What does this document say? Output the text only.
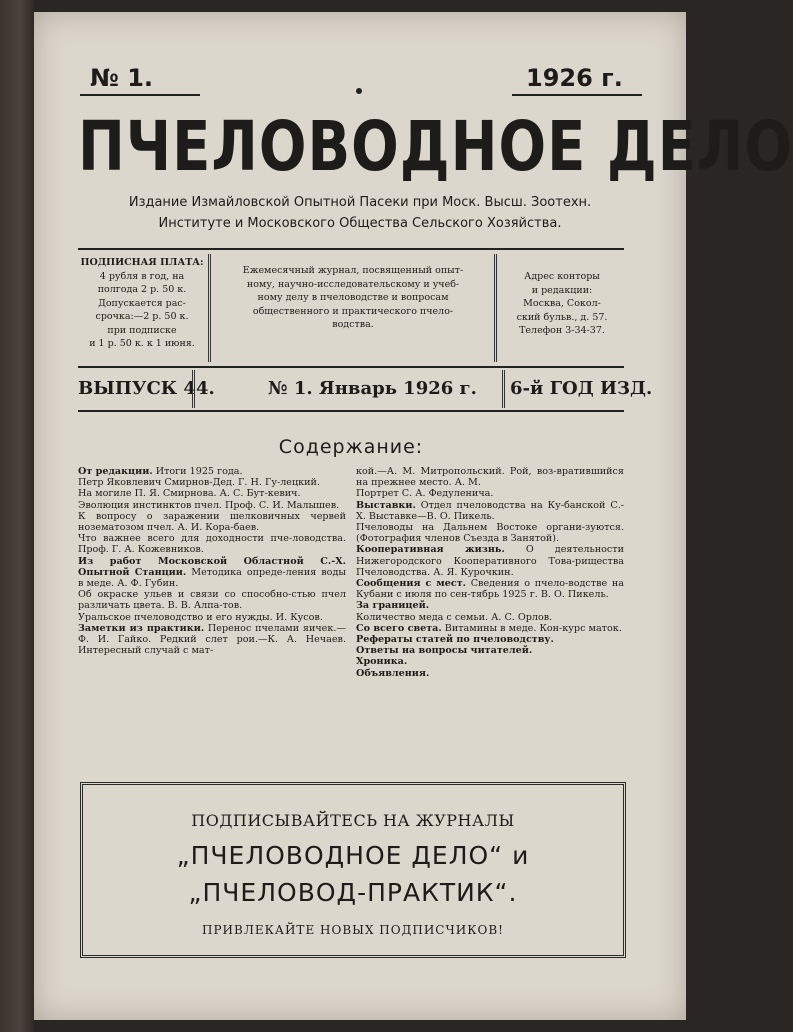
№ 1.	1926 г.
ПЧЕЛОВОДНОЕ ДЕЛО
Издание Измайловской Опытной Пасеки при Моск. Высш. Зоотехн.
Институте и Московского Общества Сельского Хозяйства.
ПОДПИСНАЯ ПЛАТА:
4 рубля в год, на
полгода 2 р. 50 к.
Допускается рас-
срочка:—2 р. 50 к.
при подписке
и 1 р. 50 к. к 1 июня.
Ежемесячный журнал, посвященный опыт-
ному, научно-исследовательскому и учеб-
ному делу в пчеловодстве и вопросам
общественного и практического пчело-
водства.
Адрес конторы
и редакции:
Москва, Сокол-
ский бульв., д. 57.
Телефон 3-34-37.
ВЫПУСК 44.	№ 1. Январь 1926 г. 6-й ГОД ИЗД.
Содержание:
От редакции. Итоги 1925 года.
Петр Яковлевич Смирнов-Дед. Г. Н. Гу-лецкий.
На могиле П. Я. Смирнова. А. С. Бут-кевич.
Эволюция инстинктов пчел. Проф. С. И. Малышев.
К вопросу о заражении шелковичных червей нозематозом пчел. А. И. Кора-баев.
Что важнее всего для доходности пче-ловодства. Проф. Г. А. Кожевников.
Из работ Московской Областной С.-Х. Опытной Станции. Методика опреде-ления воды в меде. А. Ф. Губин.
Об окраске ульев и связи со способно-стью пчел различать цвета. В. В. Алпа-тов.
Уральское пчеловодство и его нужды. И. Кусов.
Заметки из практики. Перенос пчелами яичек.—Ф. И. Гайко. Редкий слет рои.—К. А. Нечаев. Интересный случай с мат-
кой.—А. М. Митропольский. Рой, воз-вратившийся на прежнее место. А. М.
Портрет С. А. Федуленича.
Выставки. Отдел пчеловодства на Ку-банской С.-Х. Выставке—В. О. Пикель.
Пчеловоды на Дальнем Востоке органи-зуются. (Фотография членов Съезда в Занятой).
Кооперативная жизнь. О деятельности Нижегородского Кооперативного Това-рищества Пчеловодства. А. Я. Курочкин.
Сообщения с мест. Сведения о пчело-водстве на Кубани с июля по сен-тябрь 1925 г. В. О. Пикель.
За границей.
Количество меда с семьи. А. С. Орлов.
Со всего света. Витамины в меде. Кон-курс маток.
Рефераты статей по пчеловодству.
Ответы на вопросы читателей.
Хроника.
Объявления.
ПОДПИСЫВАЙТЕСЬ НА ЖУРНАЛЫ
„ПЧЕЛОВОДНОЕ ДЕЛО“ и
„ПЧЕЛОВОД-ПРАКТИК“.
ПРИВЛЕКАЙТЕ НОВЫХ ПОДПИСЧИКОВ!
